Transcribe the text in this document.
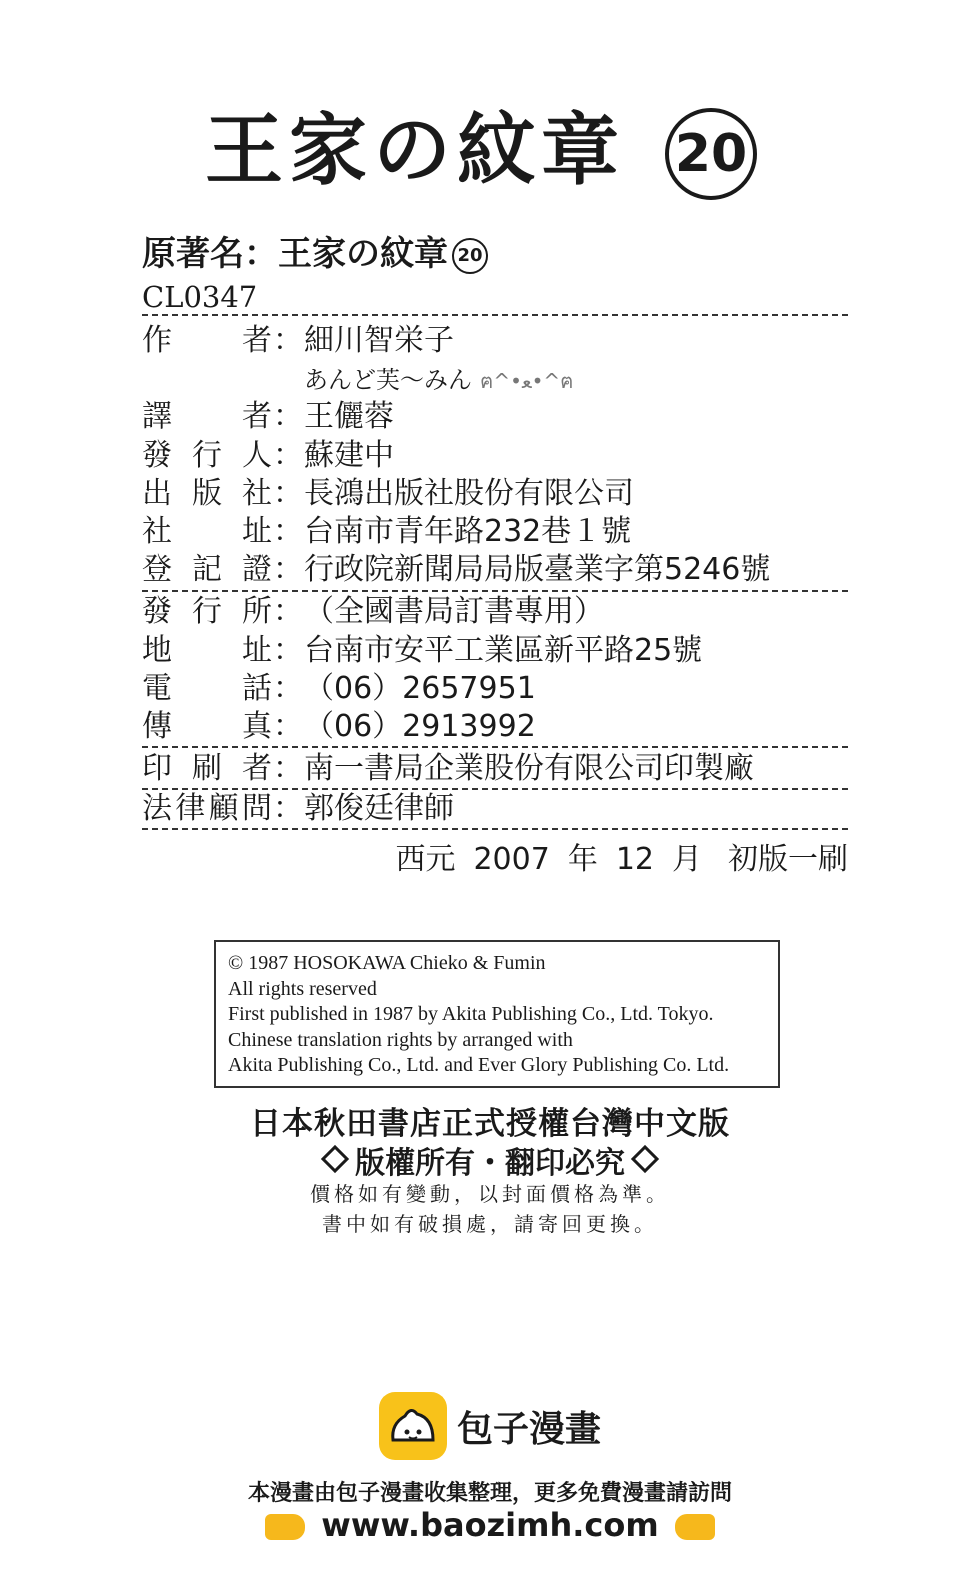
王家の紋章 20
原著名：王家の紋章 20
CL0347
作者：細川智栄子
あんど芙〜みん ฅ^•ﻌ•^ฅ
譯者：王儷蓉
發行人：蘇建中
出版社：長鴻出版社股份有限公司
社址：台南市青年路232巷１號
登記證：行政院新聞局局版臺業字第5246號
發行所：（全國書局訂書專用）
地址：台南市安平工業區新平路25號
電話：（06）2657951
傳真：（06）2913992
印刷者：南一書局企業股份有限公司印製廠
法律顧問：郭俊廷律師
西元 2007 年 12 月 初版一刷
© 1987 HOSOKAWA Chieko & Fumin
All rights reserved
First published in 1987 by Akita Publishing Co., Ltd. Tokyo.
Chinese translation rights by arranged with
Akita Publishing Co., Ltd. and Ever Glory Publishing Co. Ltd.
日本秋田書店正式授權台灣中文版
版權所有・翻印必究
價格如有變動，以封面價格為準。
書中如有破損處，請寄回更換。
包子漫畫
本漫畫由包子漫畫收集整理，更多免費漫畫請訪問
www.baozimh.com
